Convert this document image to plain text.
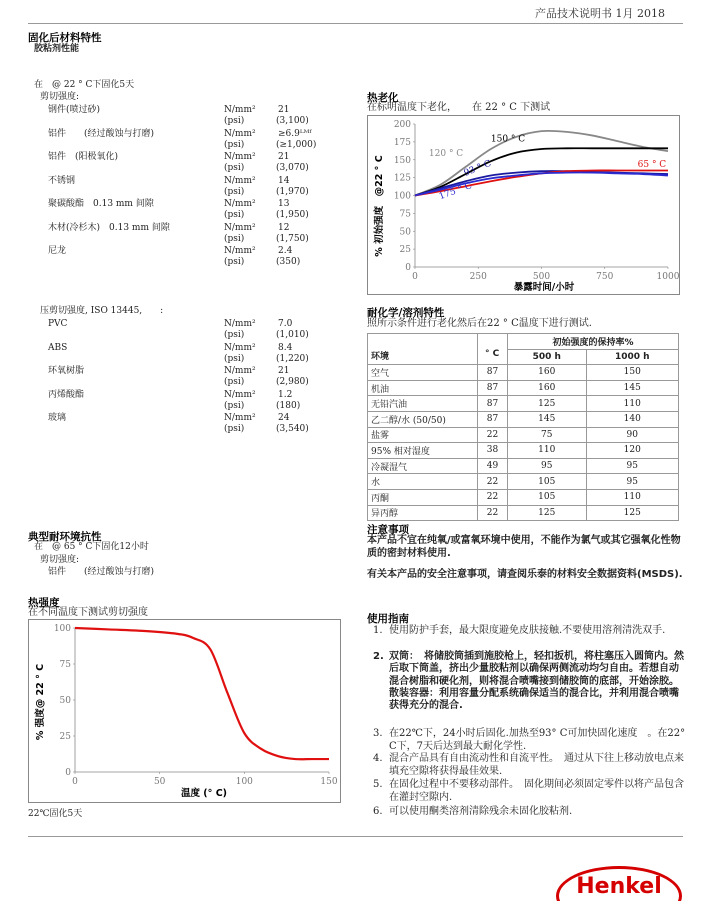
产品技术说明书 1月 2018
固化后材料特性
胶粘剂性能
在　@ 22 ° C下固化5天
剪切强度:
钢件(喷过砂)	N/mm² 21
(psi)	(3,100)
铝件　　(经过酸蚀与打磨)	N/mm² ≥6.9ᴸᴹᶠ
(psi)	(≥1,000)
铝件　(阳极氧化)	N/mm² 21
(psi)	(3,070)
不锈钢	N/mm² 14
(psi)	(1,970)
聚碳酸酯　0.13 mm 间隙	N/mm² 13
(psi)	(1,950)
木材(冷杉木)　0.13 mm 间隙	N/mm² 12
(psi)	(1,750)
尼龙	N/mm² 2.4
(psi)	(350)
压剪切强度, ISO 13445,　　:
PVC	N/mm² 7.0
(psi)	(1,010)
ABS	N/mm² 8.4
(psi)	(1,220)
环氧树脂	N/mm² 21
(psi)	(2,980)
丙烯酸酯	N/mm² 1.2
(psi)	(180)
玻璃	N/mm² 24
(psi)	(3,540)
典型耐环境抗性
在　@ 65 ° C下固化12小时
剪切强度:
铝件　　(经过酸蚀与打磨)
热强度
在不同温度下测试剪切强度
0
25
50
75
100
0	50	100	150
% 强度@ 22 ° C
温度 (° C)
22℃固化5天
热老化
在标明温度下老化，　　在 22 ° C 下测试
0
25
50
75
100
125
150
175
200
0	250	500	750	1000
120 ° C
150 ° C
93 ° C	65 ° C
175 ° C
% 初始强度　@22 ° C
暴露时间/小时
耐化学/溶剂特性
照所示条件进行老化然后在22 ° C温度下进行测试.
		初始强度的保持率%	
		500 h	1000 h
空气	87	160	150
机油	87	160	145
无铅汽油	87	125	110
乙二醇/水 (50/50)	87	145	140
盐雾	22	75	90
95% 相对湿度	38	110	120
冷凝湿气	49	95	95
水	22	105	95
丙酮	22	105	110
异丙醇	22	125	125
环境	° C
注意事项
本产品不宜在纯氧/或富氧环境中使用，不能作为氯气或其它强氧化性物质的密封材料使用.
有关本产品的安全注意事项，请查阅乐泰的材料安全数据资料(MSDS).
使用指南
1. 使用防护手套，最大限度避免皮肤接触.不要使用溶剂清洗双手.
2. 双筒：　将储胶筒插到施胶枪上，轻扣扳机，将柱塞压入圆筒内。然后取下筒盖，挤出少量胶粘剂以确保两侧流动均匀自由。若想自动混合树脂和硬化剂，则将混合喷嘴接到储胶筒的底部，开始涂胶。散装容器：利用容量分配系统确保适当的混合比，并利用混合喷嘴获得充分的混合.
3. 在22℃下，24小时后固化.加热至93° C可加快固化速度　。在22° C下，7天后达到最大耐化学性.
4. 混合产品具有自由流动性和自流平性。　通过从下往上移动放电点来填充空隙将获得最佳效果.
5. 在固化过程中不要移动部件。　固化期间必须固定零件以将产品包含在灌封空隙内.
6. 可以使用酮类溶剂清除残余未固化胶粘剂.
Henkel
